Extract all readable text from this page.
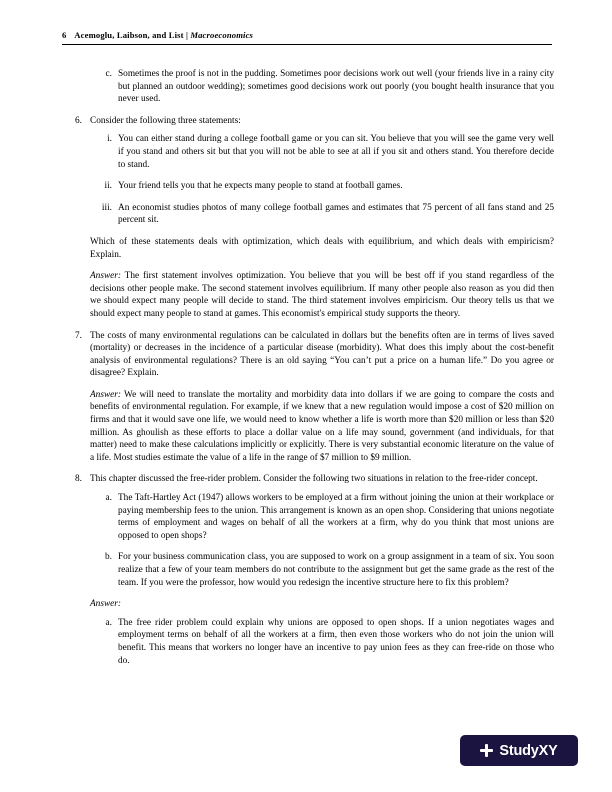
6 Acemoglu, Laibson, and List | Macroeconomics
c. Sometimes the proof is not in the pudding. Sometimes poor decisions work out well (your friends live in a rainy city but planned an outdoor wedding); sometimes good decisions work out poorly (you bought health insurance that you never used.
6. Consider the following three statements:
i. You can either stand during a college football game or you can sit. You believe that you will see the game very well if you stand and others sit but that you will not be able to see at all if you sit and others stand. You therefore decide to stand.
ii. Your friend tells you that he expects many people to stand at football games.
iii. An economist studies photos of many college football games and estimates that 75 percent of all fans stand and 25 percent sit.
Which of these statements deals with optimization, which deals with equilibrium, and which deals with empiricism? Explain.
Answer: The first statement involves optimization. You believe that you will be best off if you stand regardless of the decisions other people make. The second statement involves equilibrium. If many other people also reason as you did then we should expect many people will decide to stand. The third statement involves empiricism. Our theory tells us that we should expect many people to stand at games. This economist's empirical study supports the theory.
7. The costs of many environmental regulations can be calculated in dollars but the benefits often are in terms of lives saved (mortality) or decreases in the incidence of a particular disease (morbidity). What does this imply about the cost-benefit analysis of environmental regulations? There is an old saying “You can’t put a price on a human life.” Do you agree or disagree? Explain.
Answer: We will need to translate the mortality and morbidity data into dollars if we are going to compare the costs and benefits of environmental regulation. For example, if we knew that a new regulation would impose a cost of $20 million on firms and that it would save one life, we would need to know whether a life is worth more than $20 million or less than $20 million. As ghoulish as these efforts to place a dollar value on a life may sound, government (and individuals, for that matter) need to make these calculations implicitly or explicitly. There is very substantial economic literature on the value of a life. Most studies estimate the value of a life in the range of $7 million to $9 million.
8. This chapter discussed the free-rider problem. Consider the following two situations in relation to the free-rider concept.
a. The Taft-Hartley Act (1947) allows workers to be employed at a firm without joining the union at their workplace or paying membership fees to the union. This arrangement is known as an open shop. Considering that unions negotiate terms of employment and wages on behalf of all the workers at a firm, why do you think that most unions are opposed to open shops?
b. For your business communication class, you are supposed to work on a group assignment in a team of six. You soon realize that a few of your team members do not contribute to the assignment but get the same grade as the rest of the team. If you were the professor, how would you redesign the incentive structure here to fix this problem?
Answer:
a. The free rider problem could explain why unions are opposed to open shops. If a union negotiates wages and employment terms on behalf of all the workers at a firm, then even those workers who do not join the union will benefit. This means that workers no longer have an incentive to pay union fees as they can free-ride on those who do.
StudyXY
